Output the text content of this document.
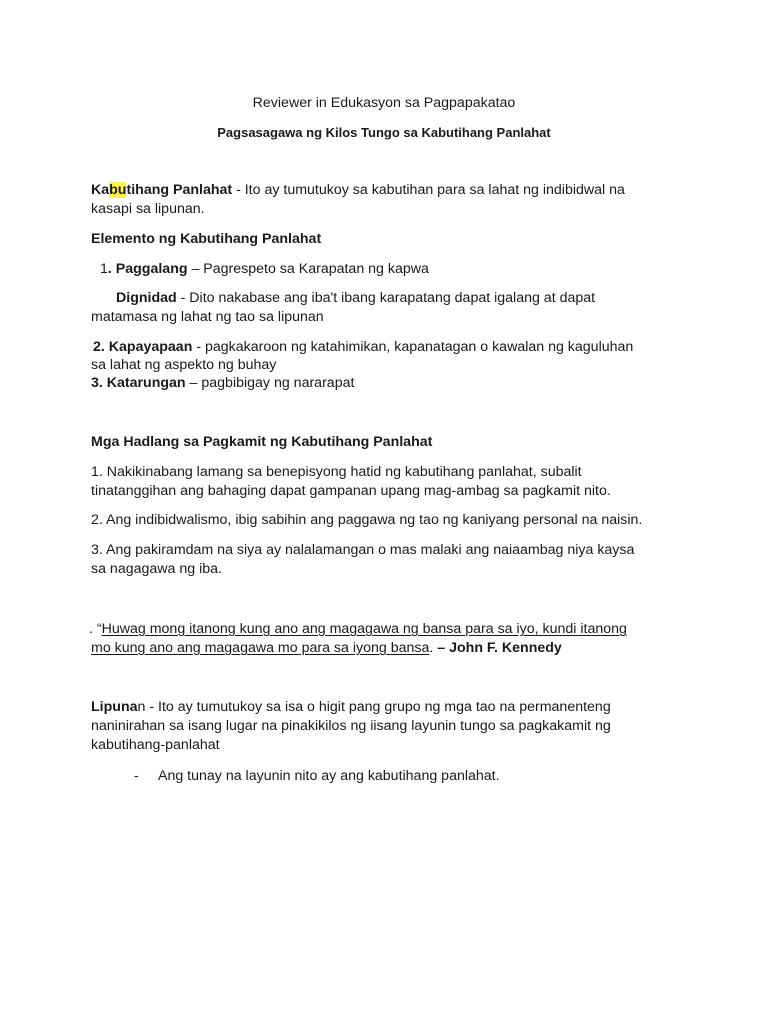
Reviewer in Edukasyon sa Pagpapakatao
Pagsasagawa ng Kilos Tungo sa Kabutihang Panlahat
Kabutihang Panlahat - Ito ay tumutukoy sa kabutihan para sa lahat ng indibidwal na
kasapi sa lipunan.
Elemento ng Kabutihang Panlahat
1. Paggalang – Pagrespeto sa Karapatan ng kapwa
Dignidad - Dito nakabase ang iba't ibang karapatang dapat igalang at dapat
matamasa ng lahat ng tao sa lipunan
2. Kapayapaan - pagkakaroon ng katahimikan, kapanatagan o kawalan ng kaguluhan
sa lahat ng aspekto ng buhay
3. Katarungan – pagbibigay ng nararapat
Mga Hadlang sa Pagkamit ng Kabutihang Panlahat
1. Nakikinabang lamang sa benepisyong hatid ng kabutihang panlahat, subalit
tinatanggihan ang bahaging dapat gampanan upang mag-ambag sa pagkamit nito.
2. Ang indibidwalismo, ibig sabihin ang paggawa ng tao ng kaniyang personal na naisin.
3. Ang pakiramdam na siya ay nalalamangan o mas malaki ang naiaambag niya kaysa
sa nagagawa ng iba.
. “Huwag mong itanong kung ano ang magagawa ng bansa para sa iyo, kundi itanong
mo kung ano ang magagawa mo para sa iyong bansa. – John F. Kennedy
Lipunan - Ito ay tumutukoy sa isa o higit pang grupo ng mga tao na permanenteng
naninirahan sa isang lugar na pinakikilos ng iisang layunin tungo sa pagkakamit ng
kabutihang-panlahat
- Ang tunay na layunin nito ay ang kabutihang panlahat.
